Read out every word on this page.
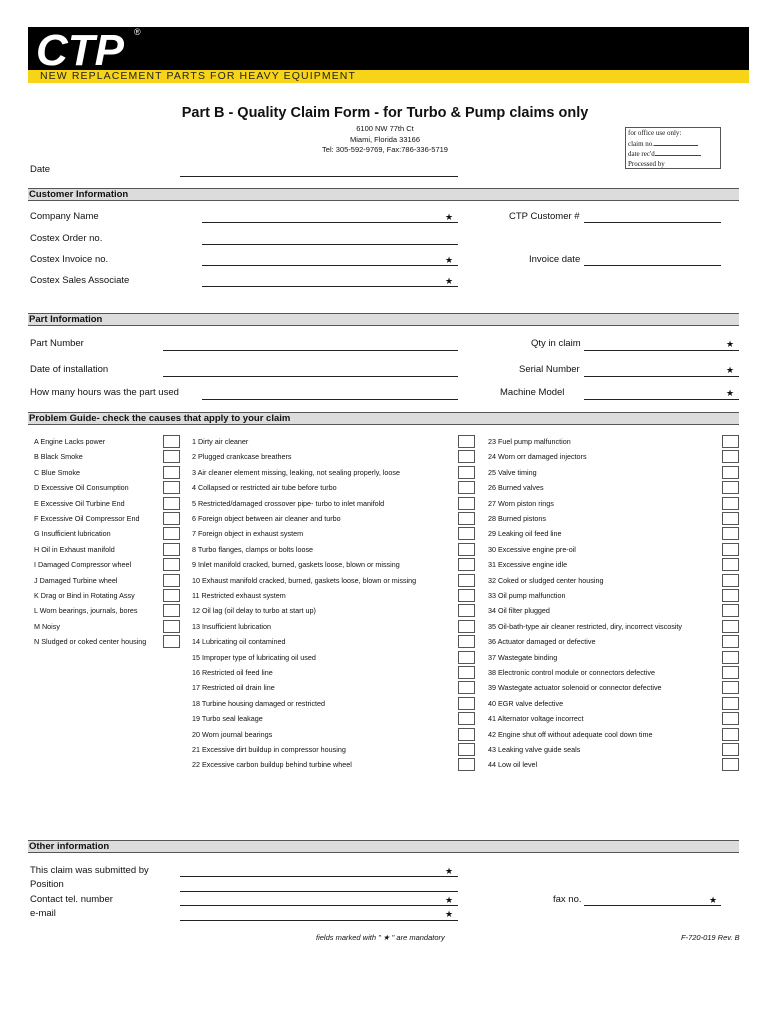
CTP ®
NEW REPLACEMENT PARTS FOR HEAVY EQUIPMENT
Part B - Quality Claim Form - for Turbo & Pump claims only
6100 NW 77th Ct
Miami, Florida 33166
Tel: 305-592-9769, Fax:786-336-5719
for office use only:
claim no.
date rec'd
Processed by
Date
Customer Information
Company Name	★	CTP Customer #
Costex Order no.
Costex Invoice no.	★	Invoice date
Costex Sales Associate	★
Part Information
Part Number	Qty in claim	★
Date of installation	Serial Number	★
How many hours was the part used	Machine Model	★
Problem Guide- check the causes that apply to your claim
A Engine Lacks power
B Black Smoke
C Blue Smoke
D Excessive Oil Consumption
E Excessive Oil Turbine End
F Excessive Oil Compressor End
G Insufficient lubrication
H Oil in Exhaust manifold
I Damaged Compressor wheel
J Damaged Turbine wheel
K Drag or Bind in Rotating Assy
L Worn bearings, journals, bores
M Noisy
N Sludged or coked center housing
1 Dirty air cleaner
2 Plugged crankcase breathers
3 Air cleaner element missing, leaking, not sealing properly, loose
4 Collapsed or restricted air tube before turbo
5 Restricted/damaged crossover pipe- turbo to inlet manifold
6 Foreign object between air cleaner and turbo
7 Foreign object in exhaust system
8 Turbo flanges, clamps or bolts loose
9 Inlet manifold cracked, burned, gaskets loose, blown or missing
10 Exhaust manifold cracked, burned, gaskets loose, blown or missing
11 Restricted exhaust system
12 Oil lag (oil delay to turbo at start up)
13 Insufficient lubrication
14 Lubricating oil contamined
15 Improper type of lubricating oil used
16 Restricted oil feed line
17 Restricted oil drain line
18 Turbine housing damaged or restricted
19 Turbo seal leakage
20 Worn journal bearings
21 Excessive dirt buildup in compressor housing
22 Excessive carbon buildup behind turbine wheel
23 Fuel pump malfunction
24 Worn orr damaged injectors
25 Valve timing
26 Burned valves
27 Worn piston rings
28 Burned pistons
29 Leaking oil feed line
30 Excessive engine pre-oil
31 Excessive engine idle
32 Coked or sludged center housing
33 Oil pump malfunction
34 Oil filter plugged
35 Oil-bath-type air cleaner restricted, diry, incorrect viscosity
36 Actuator damaged or defective
37 Wastegate binding
38 Electronic control module or connectors defective
39 Wastegate actuator solenoid or connector defective
40 EGR valve defective
41 Alternator voltage incorrect
42 Engine shut off without adequate cool down time
43 Leaking valve guide seals
44 Low oil level
Other information
This claim was submitted by	★
Position
Contact tel. number	★	fax no.	★
e-mail	★
fields marked with " ★ " are mandatory	F-720-019 Rev. B
